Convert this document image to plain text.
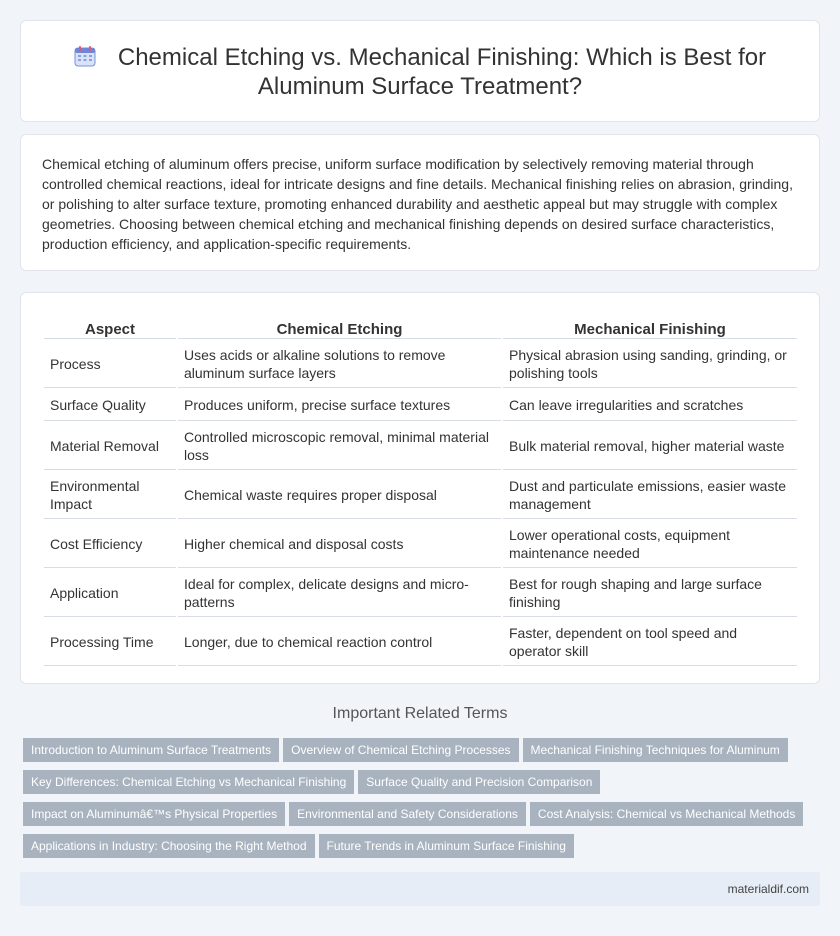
Chemical Etching vs. Mechanical Finishing: Which is Best for
Aluminum Surface Treatment?

Chemical etching of aluminum offers precise, uniform surface modification by selectively removing material through controlled chemical reactions, ideal for intricate designs and fine details. Mechanical finishing relies on abrasion, grinding, or polishing to alter surface texture, promoting enhanced durability and aesthetic appeal but may struggle with complex geometries. Choosing between chemical etching and mechanical finishing depends on desired surface characteristics, production efficiency, and application-specific requirements.

Aspect	Chemical Etching	Mechanical Finishing
Process	Uses acids or alkaline solutions to remove aluminum surface layers	Physical abrasion using sanding, grinding, or polishing tools
Surface Quality	Produces uniform, precise surface textures	Can leave irregularities and scratches
Material Removal	Controlled microscopic removal, minimal material loss	Bulk material removal, higher material waste
Environmental Impact	Chemical waste requires proper disposal	Dust and particulate emissions, easier waste management
Cost Efficiency	Higher chemical and disposal costs	Lower operational costs, equipment maintenance needed
Application	Ideal for complex, delicate designs and micro-patterns	Best for rough shaping and large surface finishing
Processing Time	Longer, due to chemical reaction control	Faster, dependent on tool speed and operator skill
Important Related Terms
Introduction to Aluminum Surface Treatments Overview of Chemical Etching Processes Mechanical Finishing Techniques for Aluminum
Key Differences: Chemical Etching vs Mechanical Finishing Surface Quality and Precision Comparison
Impact on Aluminumâ€™s Physical Properties Environmental and Safety Considerations Cost Analysis: Chemical vs Mechanical Methods
Applications in Industry: Choosing the Right Method Future Trends in Aluminum Surface Finishing
materialdif.com
